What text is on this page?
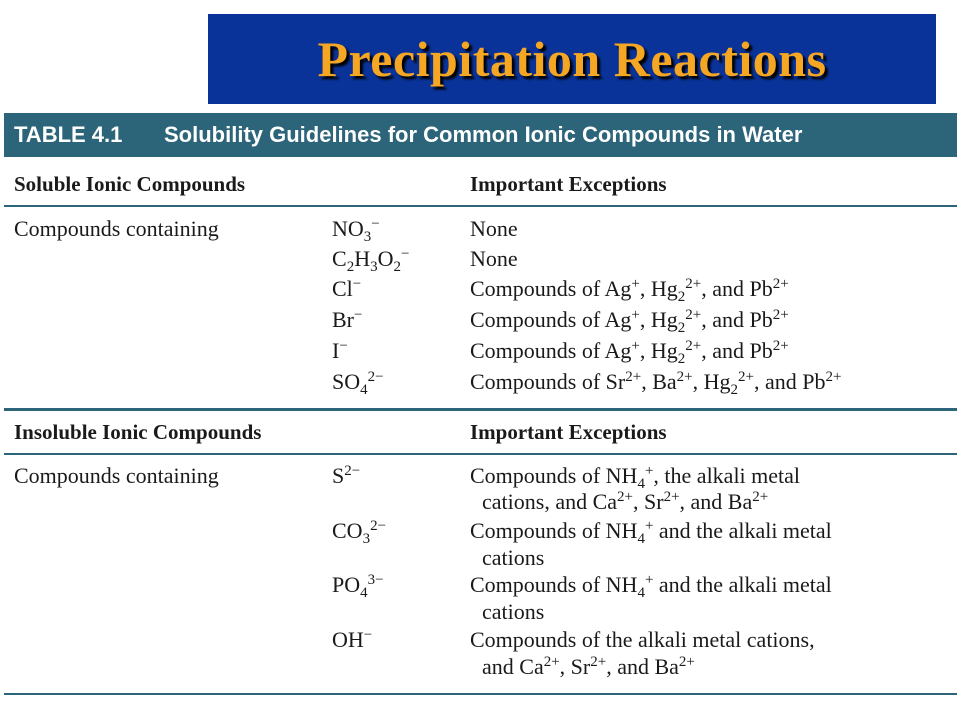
Precipitation Reactions
TABLE 4.1 Solubility Guidelines for Common Ionic Compounds in Water
Soluble Ionic Compounds	Important Exceptions
Compounds containing	$NO_3^-$	None
$C_2H_3O_2^-$	None
Cl−	Compounds of Ag+, $Hg_2^{2+}$, and $Pb^{2+}$
Br−	Compounds of Ag+, $Hg_2^{2+}$, and $Pb^{2+}$
I−	Compounds of Ag+, $Hg_2^{2+}$, and $Pb^{2+}$
$SO_4^{2-}$	Compounds of $Sr^{2+}$, $Ba^{2+}$, $Hg_2^{2+}$, and $Pb^{2+}$
Insoluble Ionic Compounds	Important Exceptions
Compounds containing	$S^{2-}$	Compounds of $NH_4^+$, the alkali metal
cations, and $Ca^{2+}$, $Sr^{2+}$, and $Ba^{2+}$
$CO_3^{2-}$	Compounds of $NH_4^+$ and the alkali metal
cations
$PO_4^{3-}$	Compounds of $NH_4^+$ and the alkali metal
cations
OH−	Compounds of the alkali metal cations,
and $Ca^{2+}$, $Sr^{2+}$, and $Ba^{2+}$
